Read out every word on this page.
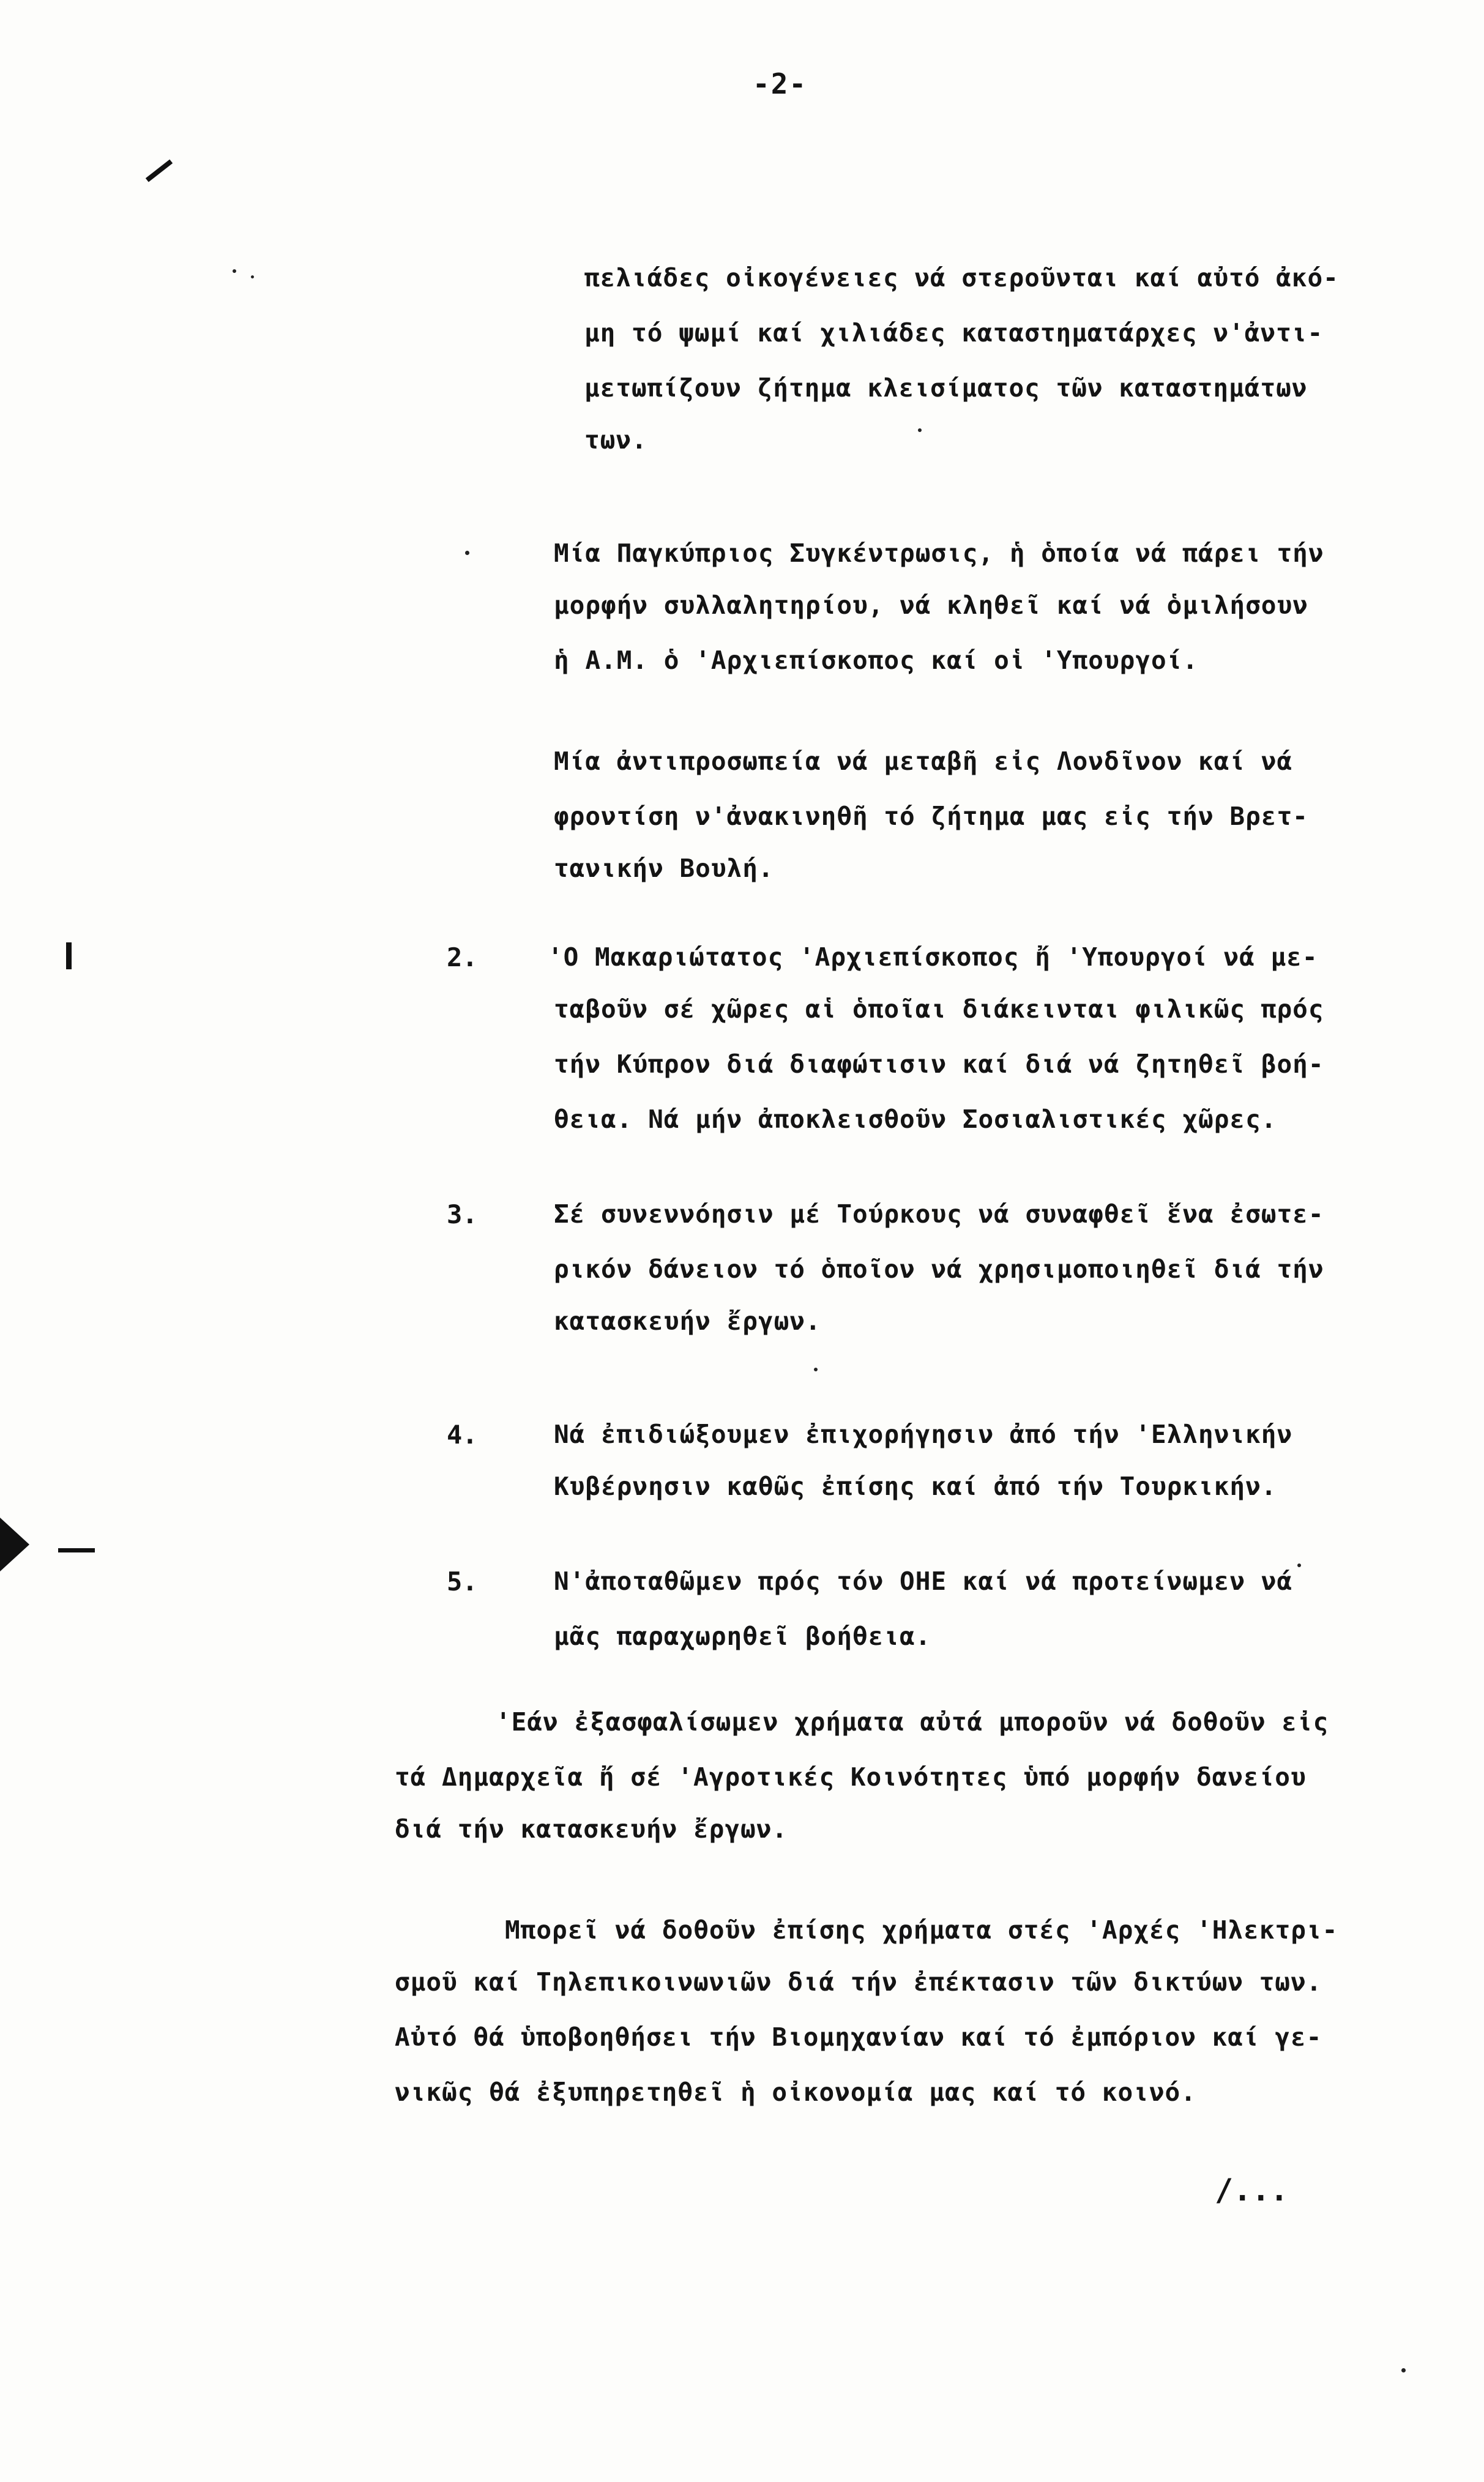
-2-
πελιάδες οἰκογένειες νά στεροῦνται καί αὐτό ἀκό-
μη τό ψωμί καί χιλιάδες καταστηματάρχες ν'ἀντι-
μετωπίζουν ζήτημα κλεισίματος τῶν καταστημάτων
των.
Μία Παγκύπριος Συγκέντρωσις, ἡ ὁποία νά πάρει τήν
μορφήν συλλαλητηρίου, νά κληθεῖ καί νά ὁμιλήσουν
ἡ Α.Μ. ὁ 'Αρχιεπίσκοπος καί οἱ 'Υπουργοί.
Μία ἀντιπροσωπεία νά μεταβῆ εἰς Λονδῖνον καί νά
φροντίση ν'ἀνακινηθῆ τό ζήτημα μας εἰς τήν Βρετ-
τανικήν Βουλή.
2.	'Ο Μακαριώτατος 'Αρχιεπίσκοπος ἤ 'Υπουργοί νά με-
ταβοῦν σέ χῶρες αἱ ὁποῖαι διάκεινται φιλικῶς πρός
τήν Κύπρον διά διαφώτισιν καί διά νά ζητηθεῖ βοή-
θεια. Νά μήν ἀποκλεισθοῦν Σοσιαλιστικές χῶρες.
3.	Σέ συνεννόησιν μέ Τούρκους νά συναφθεῖ ἕνα ἐσωτε-
ρικόν δάνειον τό ὁποῖον νά χρησιμοποιηθεῖ διά τήν
κατασκευήν ἔργων.
4.	Νά ἐπιδιώξουμεν ἐπιχορήγησιν ἀπό τήν 'Ελληνικήν
Κυβέρνησιν καθῶς ἐπίσης καί ἀπό τήν Τουρκικήν.
5.	Ν'ἀποταθῶμεν πρός τόν ΟΗΕ καί νά προτείνωμεν νά
μᾶς παραχωρηθεῖ βοήθεια.
'Εάν ἐξασφαλίσωμεν χρήματα αὐτά μποροῦν νά δοθοῦν εἰς
τά Δημαρχεῖα ἤ σέ 'Αγροτικές Κοινότητες ὑπό μορφήν δανείου
διά τήν κατασκευήν ἔργων.
Μπορεῖ νά δοθοῦν ἐπίσης χρήματα στές 'Αρχές 'Ηλεκτρι-
σμοῦ καί Τηλεπικοινωνιῶν διά τήν ἐπέκτασιν τῶν δικτύων των.
Αὐτό θά ὑποβοηθήσει τήν Βιομηχανίαν καί τό ἐμπόριον καί γε-
νικῶς θά ἐξυπηρετηθεῖ ἡ οἰκονομία μας καί τό κοινό.
/...
